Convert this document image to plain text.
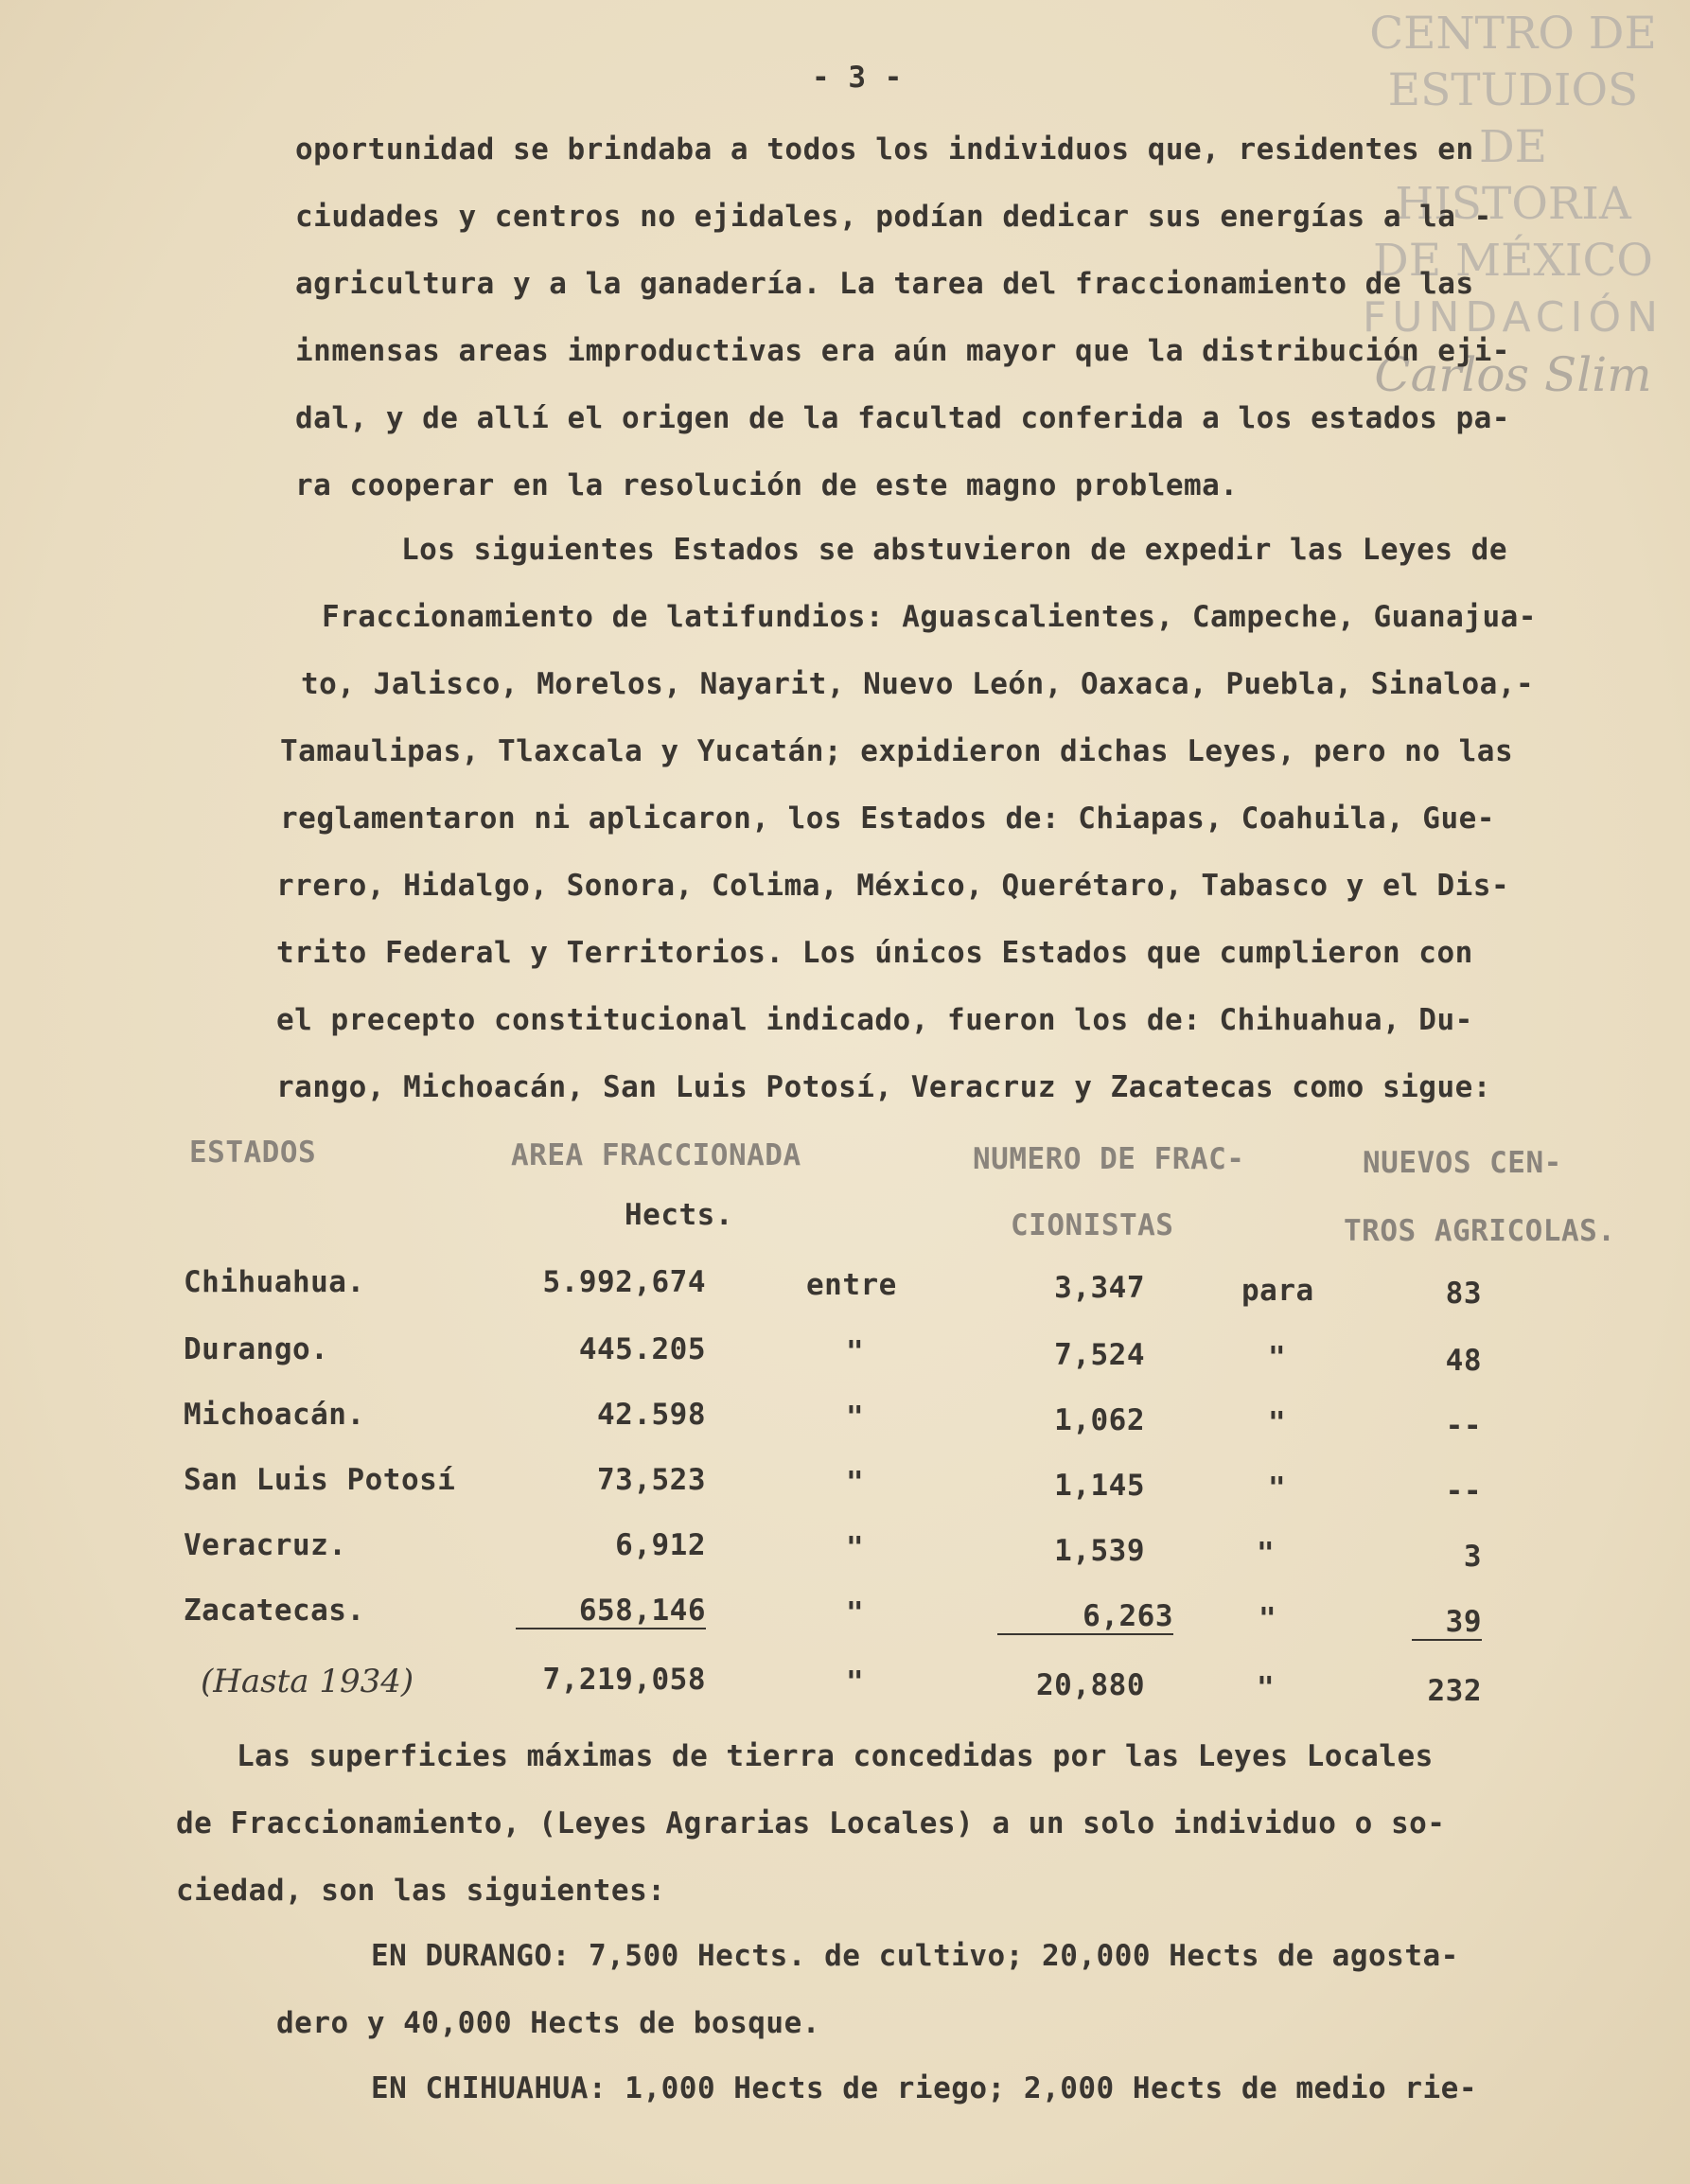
CENTRO DE
ESTUDIOS
DE HISTORIA
DE MÉXICO
FUNDACIÓN
Carlos Slim
- 3 -
oportunidad se brindaba a todos los individuos que, residentes en
ciudades y centros no ejidales, podían dedicar sus energías a la -
agricultura y a la ganadería. La tarea del fraccionamiento de las
inmensas areas improductivas era aún mayor que la distribución eji-
dal, y de allí el origen de la facultad conferida a los estados pa-
ra cooperar en la resolución de este magno problema.
Los siguientes Estados se abstuvieron de expedir las Leyes de
Fraccionamiento de latifundios: Aguascalientes, Campeche, Guanajua-
to, Jalisco, Morelos, Nayarit, Nuevo León, Oaxaca, Puebla, Sinaloa,-
Tamaulipas, Tlaxcala y Yucatán; expidieron dichas Leyes, pero no las
reglamentaron ni aplicaron, los Estados de: Chiapas, Coahuila, Gue-
rrero, Hidalgo, Sonora, Colima, México, Querétaro, Tabasco y el Dis-
trito Federal y Territorios. Los únicos Estados que cumplieron con
el precepto constitucional indicado, fueron los de: Chihuahua, Du-
rango, Michoacán, San Luis Potosí, Veracruz y Zacatecas como sigue:
ESTADOS	AREA FRACCIONADA
Hects.
NUMERO DE FRAC-
CIONISTAS
NUEVOS CEN-
TROS AGRICOLAS.
Chihuahua.	5.992,674	entre	3,347	para	83
Durango.	445.205	"	7,524	"	48
Michoacán.	42.598	"	1,062	"	--
San Luis Potosí	73,523	"	1,145	"	--
Veracruz.	6,912	"	1,539	"	3
Zacatecas.	658,146	"	6,263	"	39
(Hasta 1934)	7,219,058	"	20,880	"	232
Las superficies máximas de tierra concedidas por las Leyes Locales
de Fraccionamiento, (Leyes Agrarias Locales) a un solo individuo o so-
ciedad, son las siguientes:
EN DURANGO: 7,500 Hects. de cultivo; 20,000 Hects de agosta-
dero y 40,000 Hects de bosque.
EN CHIHUAHUA: 1,000 Hects de riego; 2,000 Hects de medio rie-
